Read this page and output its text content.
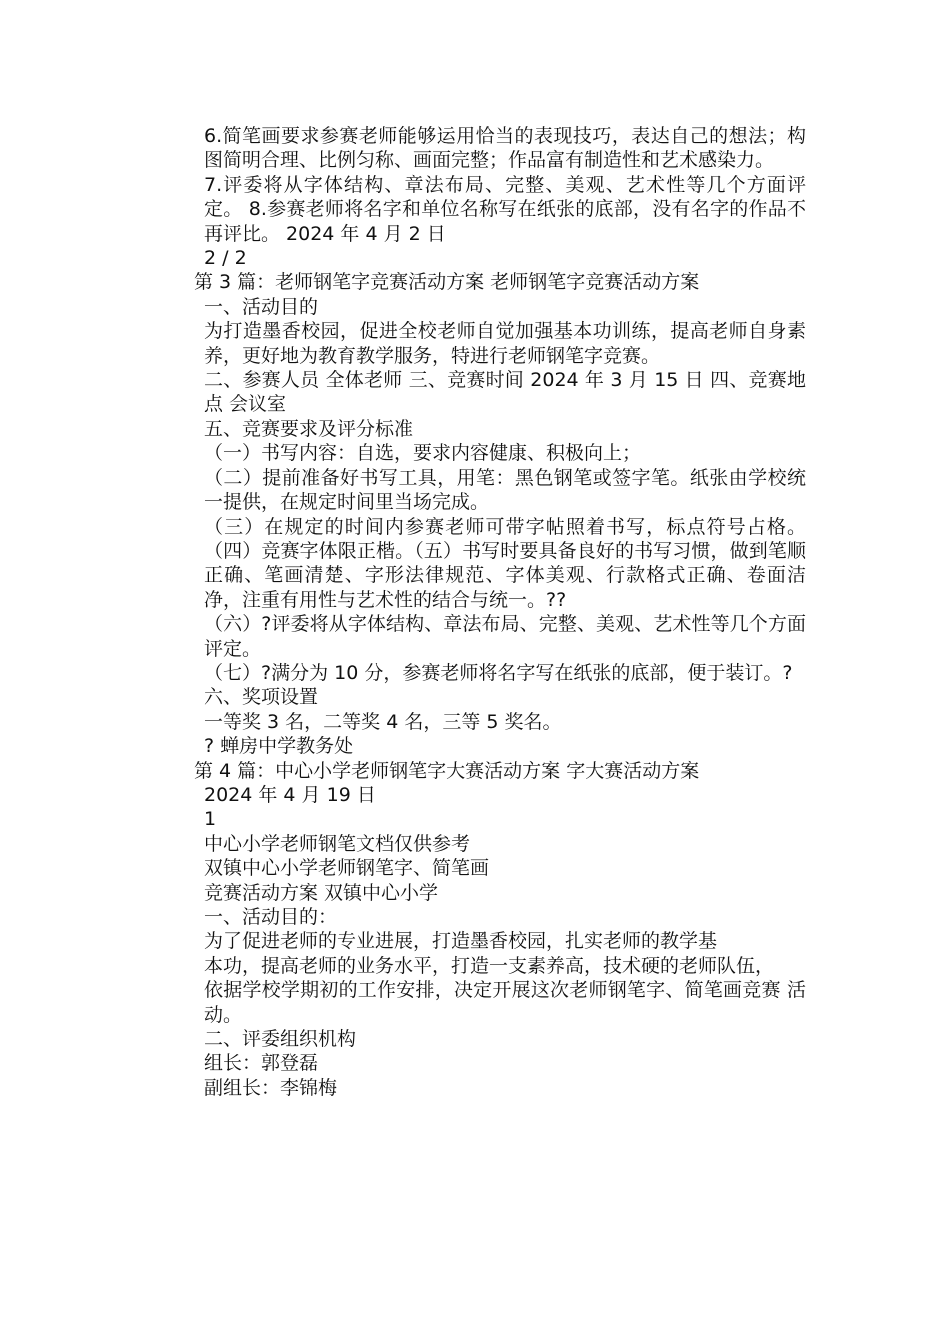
6.简笔画要求参赛老师能够运用恰当的表现技巧，表达自己的想法；构图简明合理、比例匀称、画面完整；作品富有制造性和艺术感染力。
7.评委将从字体结构、章法布局、完整、美观、艺术性等几个方面评定。 8.参赛老师将名字和单位名称写在纸张的底部，没有名字的作品不再评比。 2024 年 4 月 2 日
2 / 2
第 3 篇：老师钢笔字竞赛活动方案 老师钢笔字竞赛活动方案
一、活动目的
为打造墨香校园，促进全校老师自觉加强基本功训练，提高老师自身素养，更好地为教育教学服务，特进行老师钢笔字竞赛。
二、参赛人员 全体老师 三、竞赛时间 2024 年 3 月 15 日 四、竞赛地点 会议室
五、竞赛要求及评分标准
（一）书写内容：自选，要求内容健康、积极向上；
（二）提前准备好书写工具，用笔：黑色钢笔或签字笔。纸张由学校统一提供，在规定时间里当场完成。
（三）在规定的时间内参赛老师可带字帖照着书写，标点符号占格。（四）竞赛字体限正楷。（五）书写时要具备良好的书写习惯，做到笔顺正确、笔画清楚、字形法律规范、字体美观、行款格式正确、卷面洁净，注重有用性与艺术性的结合与统一。??
（六）?评委将从字体结构、章法布局、完整、美观、艺术性等几个方面评定。
（七）?满分为 10 分，参赛老师将名字写在纸张的底部，便于装订。?
六、奖项设置
一等奖 3 名，二等奖 4 名，三等 5 奖名。
? 蝉房中学教务处
第 4 篇：中心小学老师钢笔字大赛活动方案 字大赛活动方案
2024 年 4 月 19 日
1
中心小学老师钢笔文档仅供参考
双镇中心小学老师钢笔字、简笔画
竞赛活动方案 双镇中心小学
一、活动目的：
为了促进老师的专业进展，打造墨香校园，扎实老师的教学基
本功，提高老师的业务水平，打造一支素养高，技术硬的老师队伍，
依据学校学期初的工作安排，决定开展这次老师钢笔字、简笔画竞赛 活动。
二、评委组织机构
组长：郭登磊
副组长：李锦梅
